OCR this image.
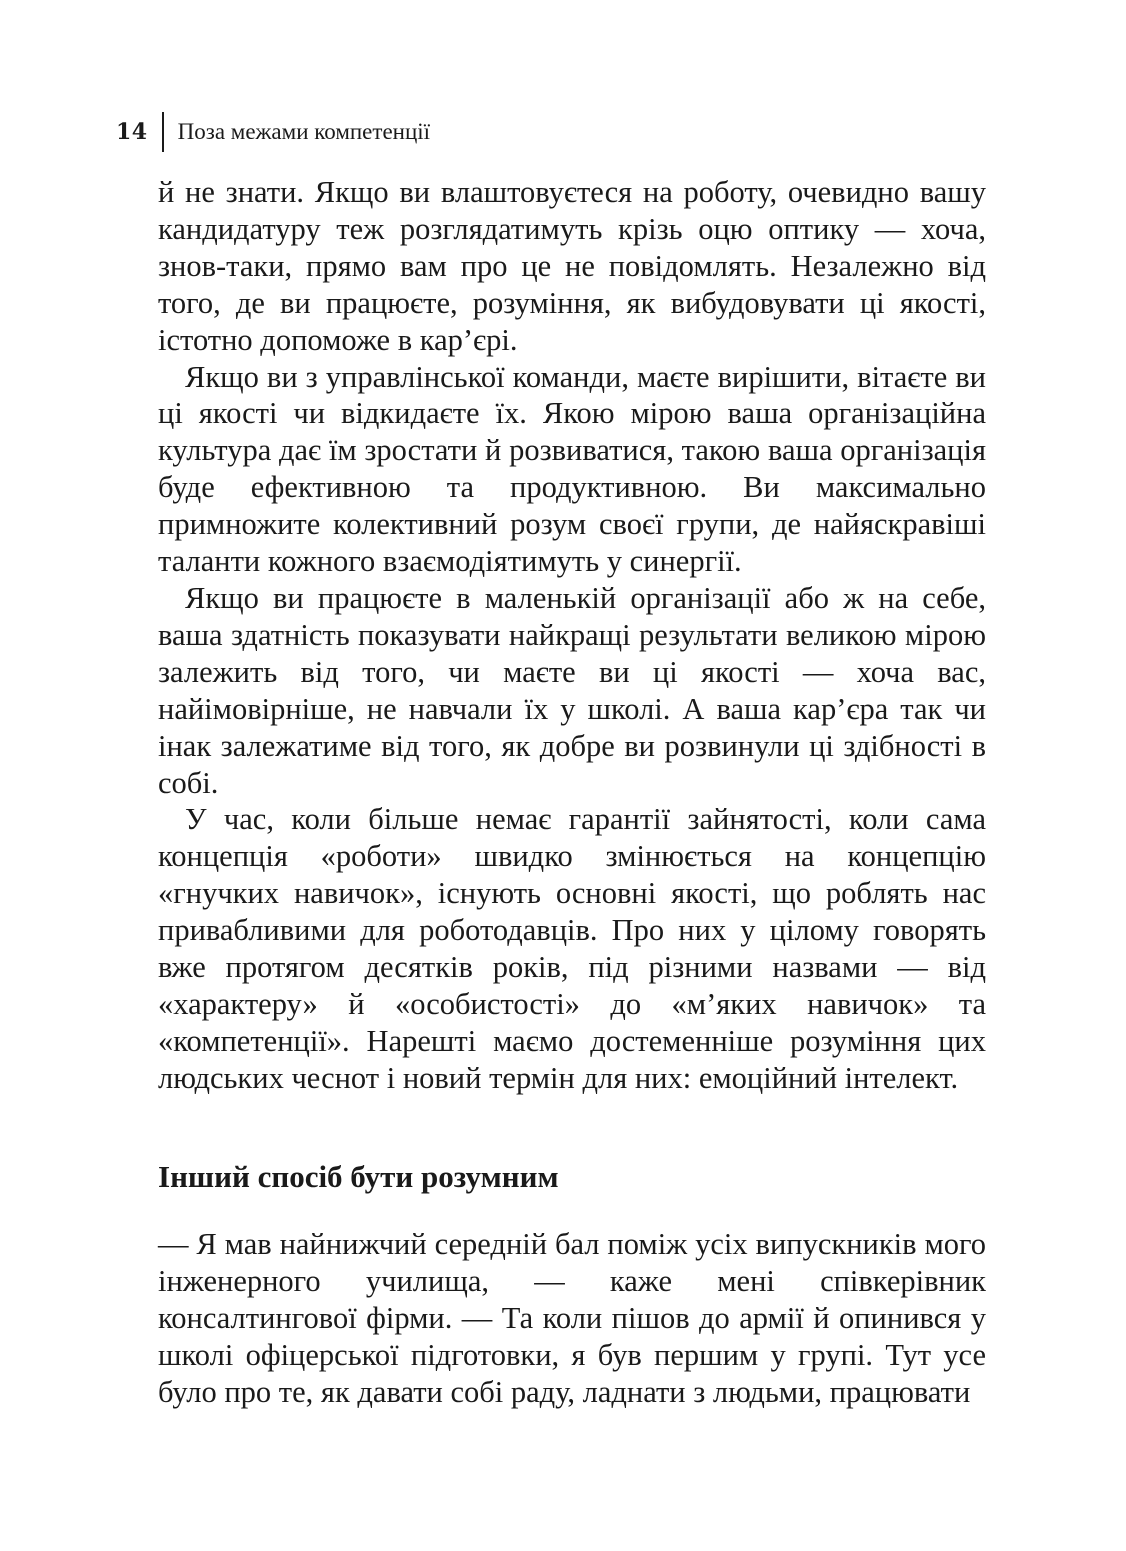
14 Поза межами компетенції

й не знати. Якщо ви влаштовуєтеся на роботу, очевидно вашу кандидатуру теж розглядатимуть крізь оцю оптику — хоча, знов-таки, прямо вам про це не повідомлять. Незалежно від того, де ви працюєте, розуміння, як вибудовувати ці якості, істотно допоможе в кар’єрі.

Якщо ви з управлінської команди, маєте вирішити, вітаєте ви ці якості чи відкидаєте їх. Якою мірою ваша організаційна культура дає їм зростати й розвиватися, такою ваша організація буде ефективною та продуктивною. Ви максимально примножите колективний розум своєї групи, де найяскравіші таланти кожного взаємодіятимуть у синергії.

Якщо ви працюєте в маленькій організації або ж на себе, ваша здатність показувати найкращі результати великою мірою залежить від того, чи маєте ви ці якості — хоча вас, найімовірніше, не навчали їх у школі. А ваша кар’єра так чи інак залежатиме від того, як добре ви розвинули ці здібності в собі.

У час, коли більше немає гарантії зайнятості, коли сама концепція «роботи» швидко змінюється на концепцію «гнучких навичок», існують основні якості, що роблять нас привабливими для роботодавців. Про них у цілому говорять вже протягом десятків років, під різними назвами — від «характеру» й «особистості» до «м’яких навичок» та «компетенції». Нарешті маємо достеменніше розуміння цих людських чеснот і новий термін для них: емоційний інтелект.

Інший спосіб бути розумним

— Я мав найнижчий середній бал поміж усіх випускників мого інженерного училища, — каже мені співкерівник консалтингової фірми. — Та коли пішов до армії й опинився у школі офіцерської підготовки, я був першим у групі. Тут усе було про те, як давати собі раду, ладнати з людьми, працювати
